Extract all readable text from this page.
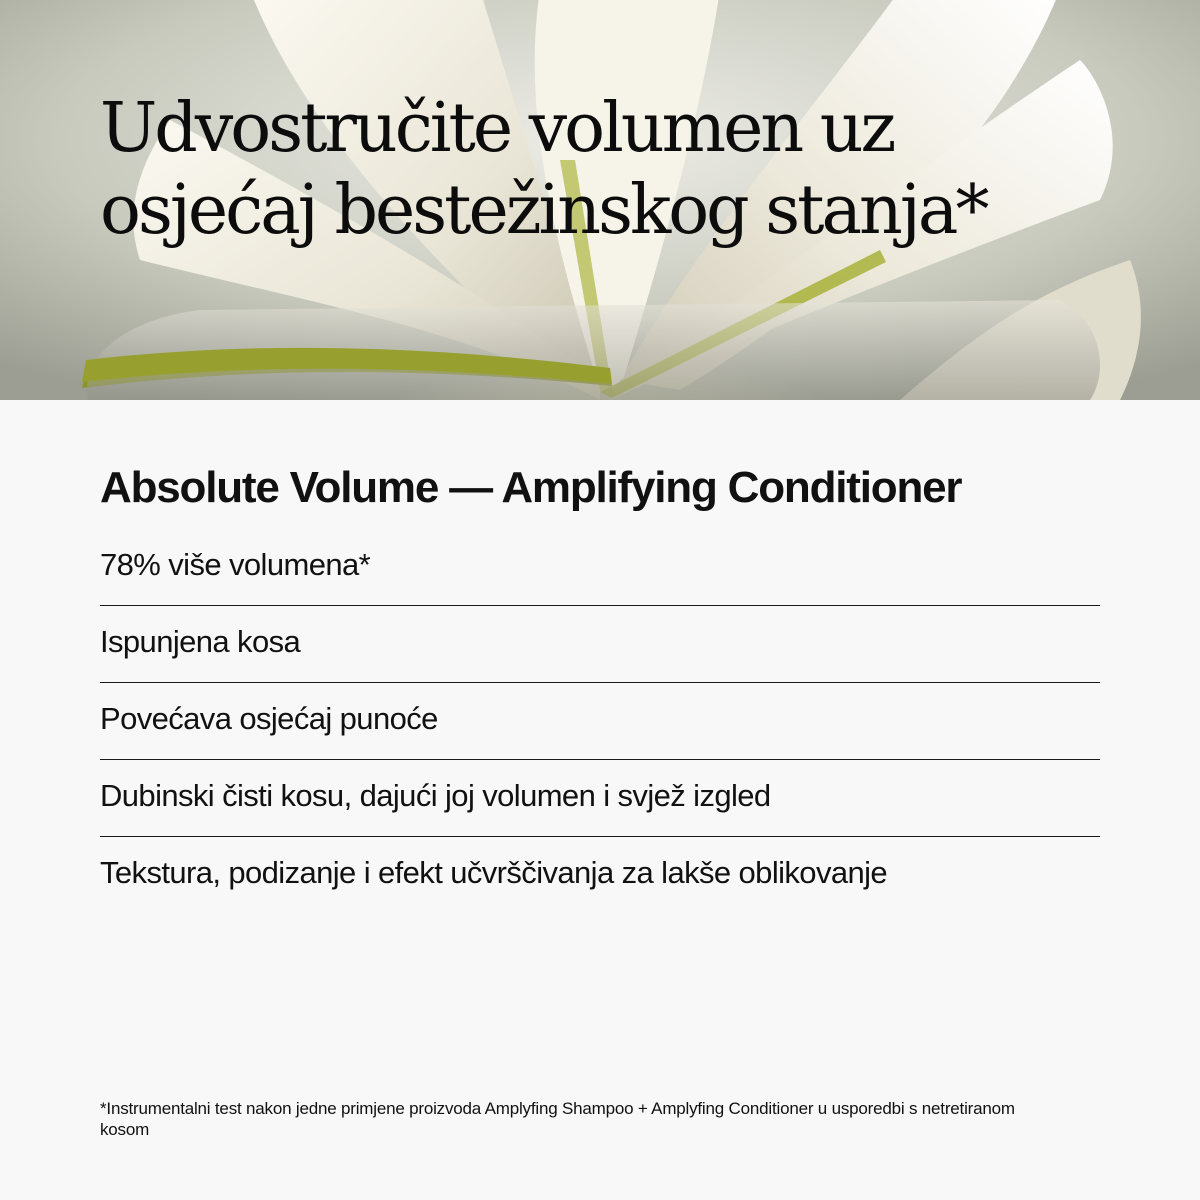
Udvostručite volumen uz
osjećaj bestežinskog stanja*
Absolute Volume — Amplifying Conditioner
78% više volumena*
Ispunjena kosa
Povećava osjećaj punoće
Dubinski čisti kosu, dajući joj volumen i svjež izgled
Tekstura, podizanje i efekt učvrščivanja za lakše oblikovanje

*Instrumentalni test nakon jedne primjene proizvoda Amplyfing Shampoo + Amplyfing Conditioner u usporedbi s netretiranom kosom
